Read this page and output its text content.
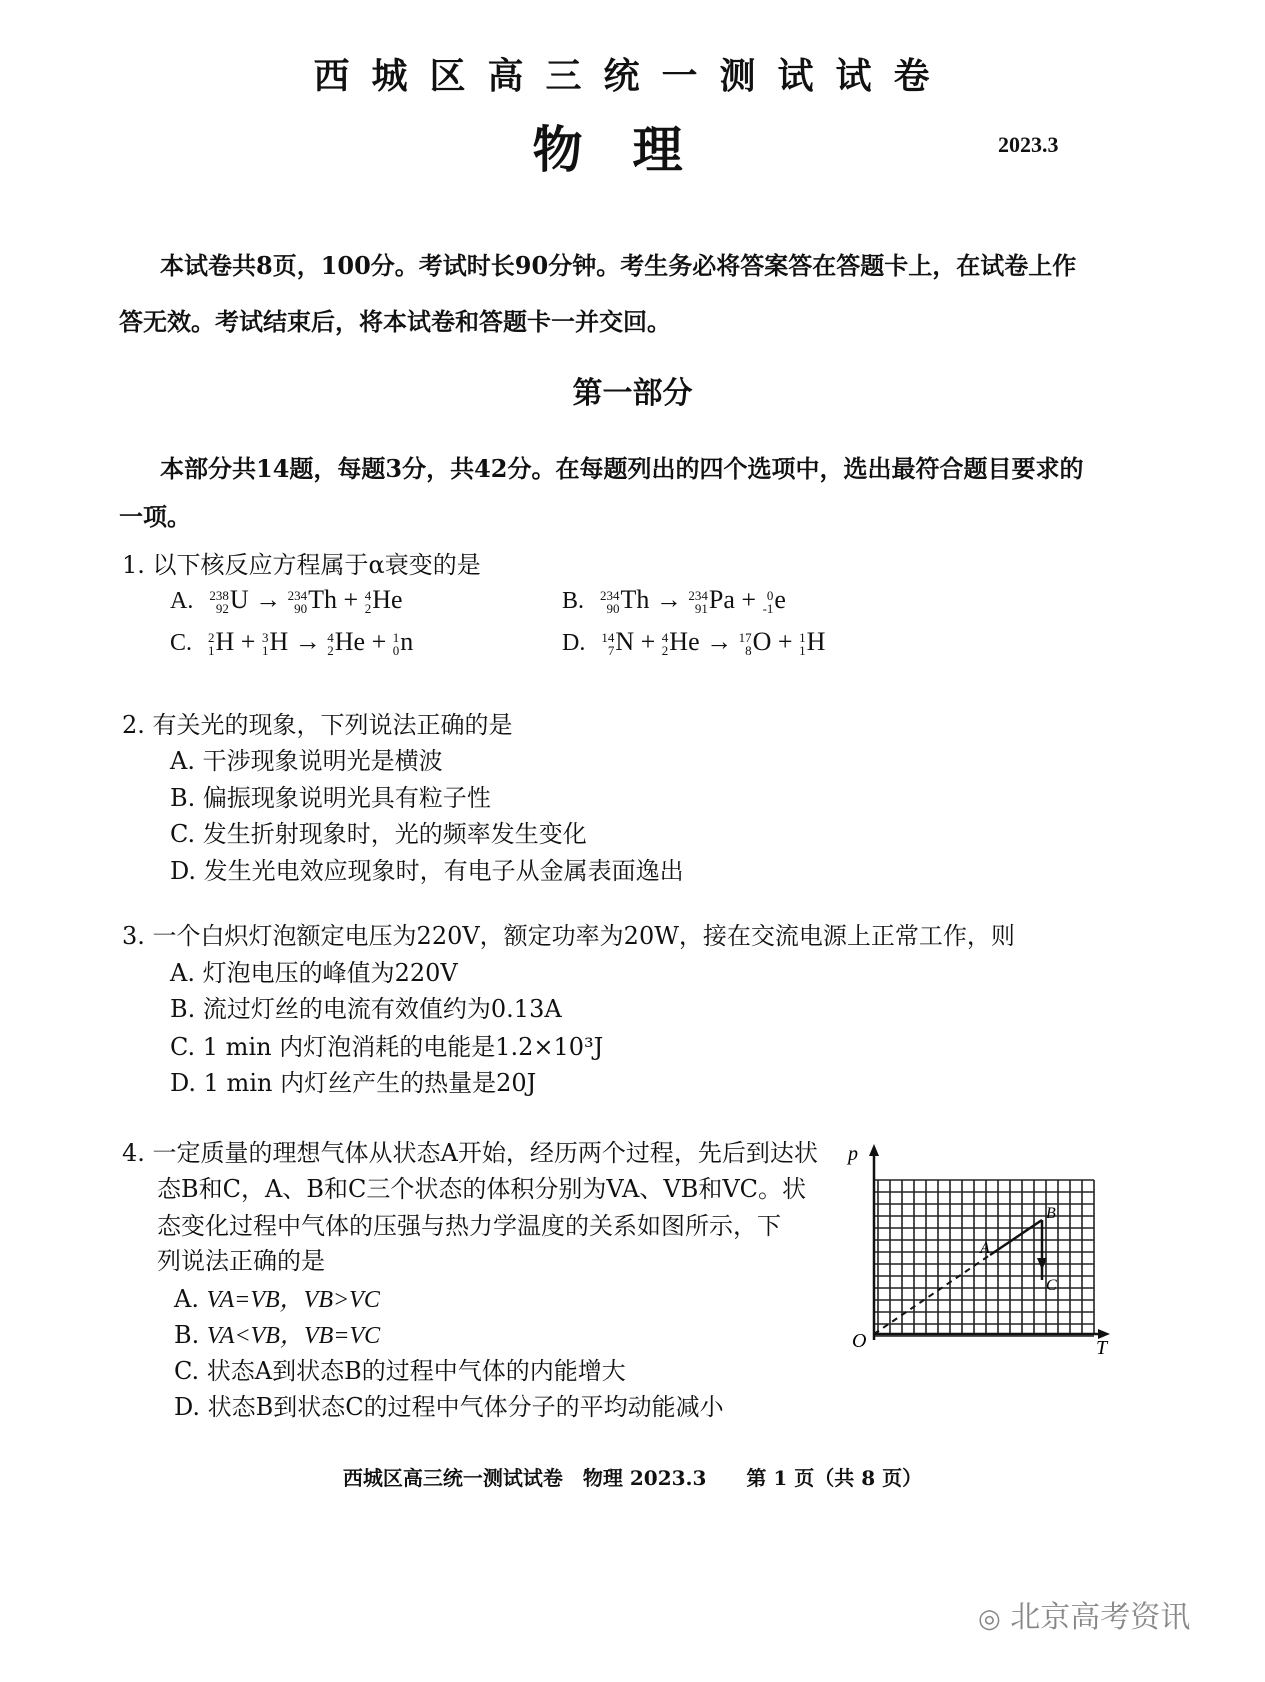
西城区高三统一测试试卷
物理	2023.3
本试卷共8页，100分。考试时长90分钟。考生务必将答案答在答题卡上，在试卷上作
答无效。考试结束后，将本试卷和答题卡一并交回。
第一部分
本部分共14题，每题3分，共42分。在每题列出的四个选项中，选出最符合题目要求的
一项。
1. 以下核反应方程属于α衰变的是
A. 238
92 U → 234
90 Th + 4
2 He	B. 234
90 Th → 234
91 Pa + 0
-1 e
C. 2
1 H + 3
1 H → 4
2 He + 1
0 n	D. 14
7 N + 4
2 He → 17
8 O + 1
1 H
2. 有关光的现象，下列说法正确的是
A. 干涉现象说明光是横波
B. 偏振现象说明光具有粒子性
C. 发生折射现象时，光的频率发生变化
D. 发生光电效应现象时，有电子从金属表面逸出
3. 一个白炽灯泡额定电压为220V，额定功率为20W，接在交流电源上正常工作，则
A. 灯泡电压的峰值为220V
B. 流过灯丝的电流有效值约为0.13A
C. 1 min 内灯泡消耗的电能是1.2×10³J
D. 1 min 内灯丝产生的热量是20J
4. 一定质量的理想气体从状态A开始，经历两个过程，先后到达状
态B和C，A、B和C三个状态的体积分别为VA、VB和VC。状
态变化过程中气体的压强与热力学温度的关系如图所示，下
列说法正确的是
A. VA=VB，VB>VC
B. VA<VB，VB=VC
C. 状态A到状态B的过程中气体的内能增大
D. 状态B到状态C的过程中气体分子的平均动能减小
p
T
O
A
B
C
西城区高三统一测试试卷　物理 2023.3　　第 1 页（共 8 页）
◎ 北京高考资讯
